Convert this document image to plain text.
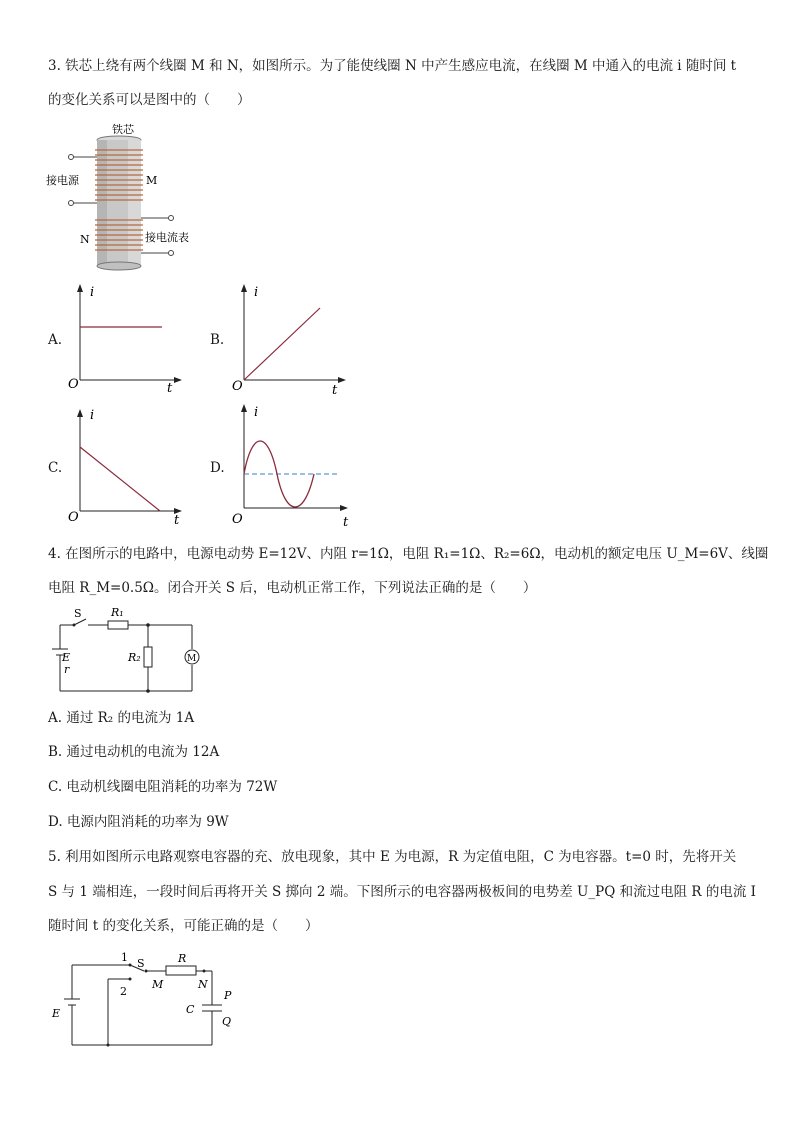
3. 铁芯上绕有两个线圈 M 和 N，如图所示。为了能使线圈 N 中产生感应电流，在线圈 M 中通入的电流 i 随时间 t
的变化关系可以是图中的（　　）
铁芯
接电源	M
N	接电流表
A.
i
t
O
B.
i
t
O
C.
i
t
O
D.
i
t
O
4. 在图所示的电路中，电源电动势 E=12V、内阻 r=1Ω，电阻 R₁=1Ω、R₂=6Ω，电动机的额定电压 U_M=6V、线圈
电阻 R_M=0.5Ω。闭合开关 S 后，电动机正常工作，下列说法正确的是（　　）
S	R₁
R₂
E
r
M
A. 通过 R₂ 的电流为 1A
B. 通过电动机的电流为 12A
C. 电动机线圈电阻消耗的功率为 72W
D. 电源内阻消耗的功率为 9W
5. 利用如图所示电路观察电容器的充、放电现象，其中 E 为电源，R 为定值电阻，C 为电容器。t=0 时，先将开关
S 与 1 端相连，一段时间后再将开关 S 掷向 2 端。下图所示的电容器两极板间的电势差 U_PQ 和流过电阻 R 的电流 I
随时间 t 的变化关系，可能正确的是（　　）
1
2
S	R
M	N
C
P
Q
E
